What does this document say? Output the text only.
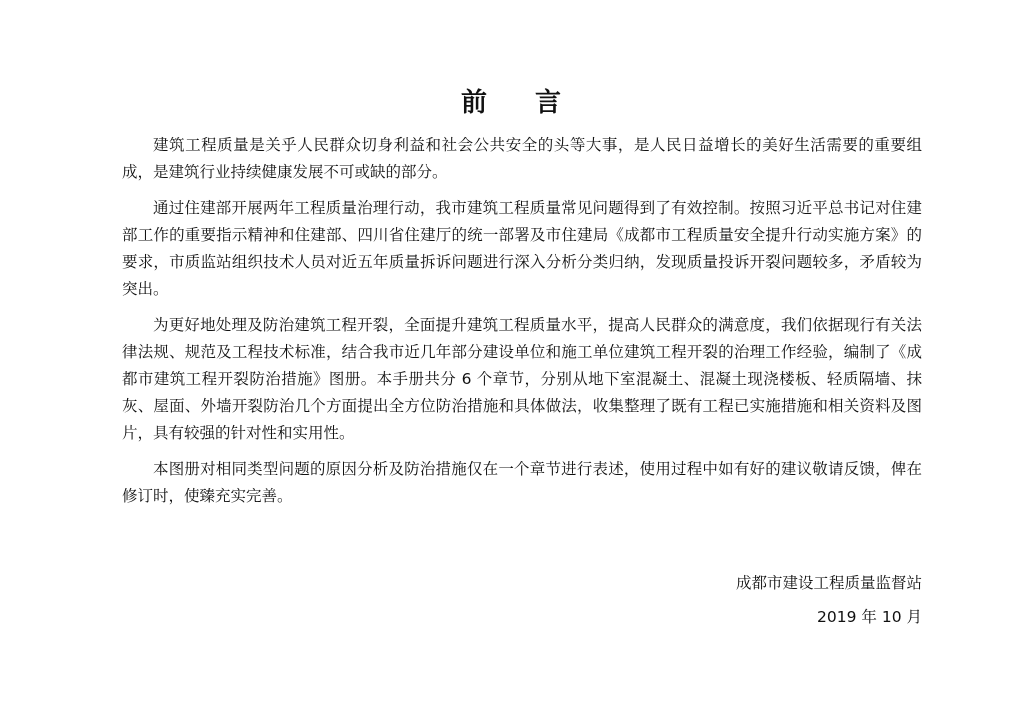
前 言

建筑工程质量是关乎人民群众切身利益和社会公共安全的头等大事，是人民日益增长的美好生活需要的重要组成，是建筑行业持续健康发展不可或缺的部分。

通过住建部开展两年工程质量治理行动，我市建筑工程质量常见问题得到了有效控制。按照习近平总书记对住建部工作的重要指示精神和住建部、四川省住建厅的统一部署及市住建局《成都市工程质量安全提升行动实施方案》的要求，市质监站组织技术人员对近五年质量拆诉问题进行深入分析分类归纳，发现质量投诉开裂问题较多，矛盾较为突出。

为更好地处理及防治建筑工程开裂，全面提升建筑工程质量水平，提高人民群众的满意度，我们依据现行有关法律法规、规范及工程技术标准，结合我市近几年部分建设单位和施工单位建筑工程开裂的治理工作经验，编制了《成都市建筑工程开裂防治措施》图册。本手册共分 6 个章节，分别从地下室混凝土、混凝土现浇楼板、轻质隔墙、抹灰、屋面、外墙开裂防治几个方面提出全方位防治措施和具体做法，收集整理了既有工程已实施措施和相关资料及图片，具有较强的针对性和实用性。

本图册对相同类型问题的原因分析及防治措施仅在一个章节进行表述，使用过程中如有好的建议敬请反馈，俾在修订时，使臻充实完善。

成都市建设工程质量监督站
2019 年 10 月
